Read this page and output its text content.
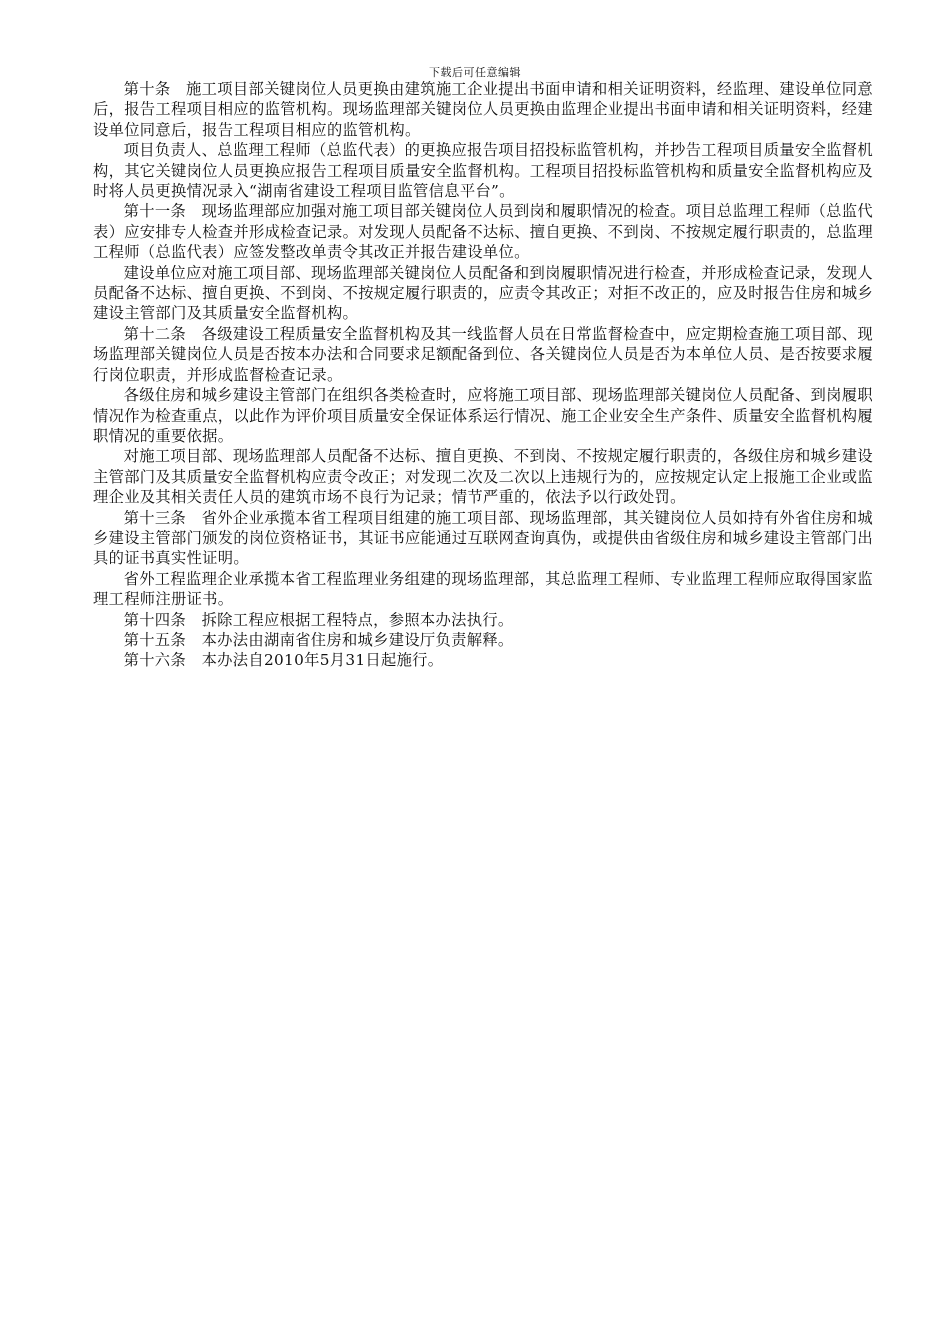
下载后可任意编辑

第十条　施工项目部关键岗位人员更换由建筑施工企业提出书面申请和相关证明资料，经监理、建设单位同意后，报告工程项目相应的监管机构。现场监理部关键岗位人员更换由监理企业提出书面申请和相关证明资料，经建设单位同意后，报告工程项目相应的监管机构。

项目负责人、总监理工程师（总监代表）的更换应报告项目招投标监管机构，并抄告工程项目质量安全监督机构，其它关键岗位人员更换应报告工程项目质量安全监督机构。工程项目招投标监管机构和质量安全监督机构应及时将人员更换情况录入“湖南省建设工程项目监管信息平台”。

第十一条　现场监理部应加强对施工项目部关键岗位人员到岗和履职情况的检查。项目总监理工程师（总监代表）应安排专人检查并形成检查记录。对发现人员配备不达标、擅自更换、不到岗、不按规定履行职责的，总监理工程师（总监代表）应签发整改单责令其改正并报告建设单位。

建设单位应对施工项目部、现场监理部关键岗位人员配备和到岗履职情况进行检查，并形成检查记录，发现人员配备不达标、擅自更换、不到岗、不按规定履行职责的，应责令其改正；对拒不改正的，应及时报告住房和城乡建设主管部门及其质量安全监督机构。

第十二条　各级建设工程质量安全监督机构及其一线监督人员在日常监督检查中，应定期检查施工项目部、现场监理部关键岗位人员是否按本办法和合同要求足额配备到位、各关键岗位人员是否为本单位人员、是否按要求履行岗位职责，并形成监督检查记录。

各级住房和城乡建设主管部门在组织各类检查时，应将施工项目部、现场监理部关键岗位人员配备、到岗履职情况作为检查重点，以此作为评价项目质量安全保证体系运行情况、施工企业安全生产条件、质量安全监督机构履职情况的重要依据。

对施工项目部、现场监理部人员配备不达标、擅自更换、不到岗、不按规定履行职责的，各级住房和城乡建设主管部门及其质量安全监督机构应责令改正；对发现二次及二次以上违规行为的，应按规定认定上报施工企业或监理企业及其相关责任人员的建筑市场不良行为记录；情节严重的，依法予以行政处罚。

第十三条　省外企业承揽本省工程项目组建的施工项目部、现场监理部，其关键岗位人员如持有外省住房和城乡建设主管部门颁发的岗位资格证书，其证书应能通过互联网查询真伪，或提供由省级住房和城乡建设主管部门出具的证书真实性证明。

省外工程监理企业承揽本省工程监理业务组建的现场监理部，其总监理工程师、专业监理工程师应取得国家监理工程师注册证书。

第十四条　拆除工程应根据工程特点，参照本办法执行。

第十五条　本办法由湖南省住房和城乡建设厅负责解释。

第十六条　本办法自2010年5月31日起施行。
